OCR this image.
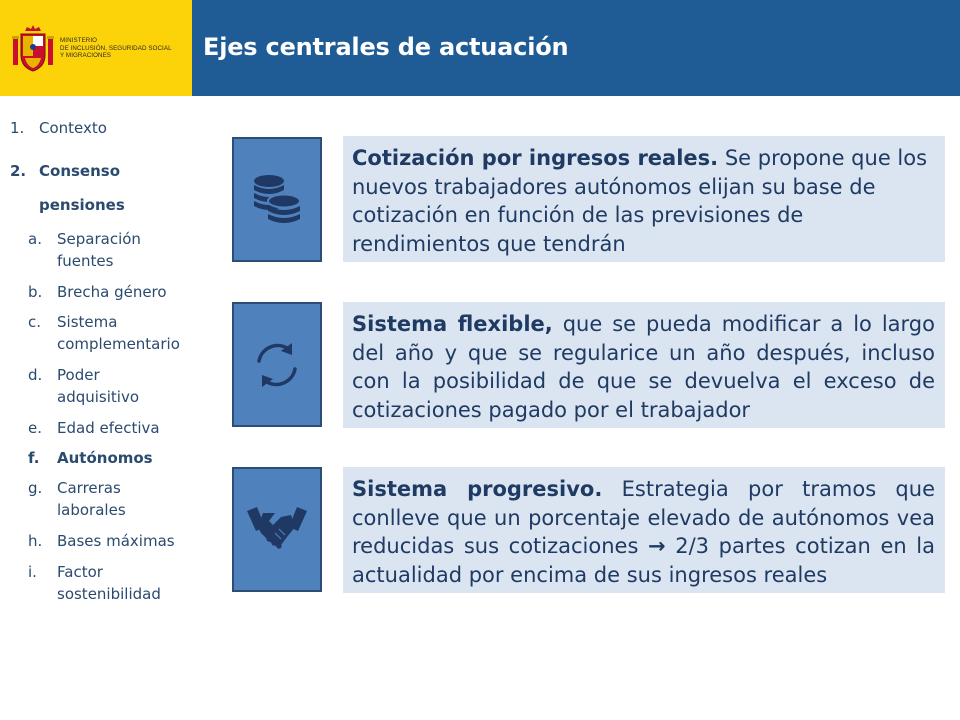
MINISTERIO
DE INCLUSIÓN, SEGURIDAD SOCIAL
Y MIGRACIONES	Ejes centrales de actuación
1. Contexto
2. Consenso
pensiones
a. Separación
fuentes
b. Brecha género
c. Sistema
complementario
d. Poder
adquisitivo
e. Edad efectiva
f. Autónomos
g. Carreras
laborales
h. Bases máximas
i. Factor
sostenibilidad
Cotización por ingresos reales. Se propone que los nuevos trabajadores autónomos elijan su base de cotización en función de las previsiones de rendimientos que tendrán
Sistema flexible, que se pueda modificar a lo largo del año y que se regularice un año después, incluso con la posibilidad de que se devuelva el exceso de cotizaciones pagado por el trabajador
Sistema progresivo. Estrategia por tramos que conlleve que un porcentaje elevado de autónomos vea reducidas sus cotizaciones → 2/3 partes cotizan en la actualidad por encima de sus ingresos reales
